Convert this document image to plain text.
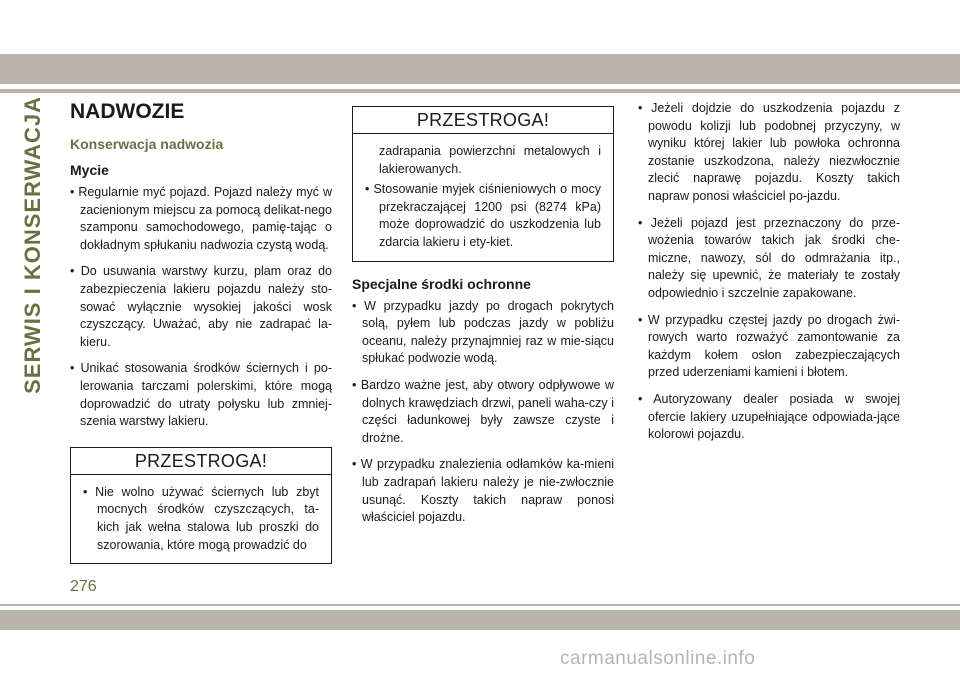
SERWIS I KONSERWACJA NADWOZIE
Konserwacja nadwozia
Mycie

• Regularnie myć pojazd. Pojazd należy myć w zacienionym miejscu za pomocą delikat-nego szamponu samochodowego, pamię-tając o dokładnym spłukaniu nadwozia czystą wodą.

• Do usuwania warstwy kurzu, plam oraz do zabezpieczenia lakieru pojazdu należy sto-sować wyłącznie wysokiej jakości wosk czyszczący. Uważać, aby nie zadrapać la-kieru.

• Unikać stosowania środków ściernych i po-lerowania tarczami polerskimi, które mogą doprowadzić do utraty połysku lub zmniej-szenia warstwy lakieru.

PRZESTROGA!

• Nie wolno używać ściernych lub zbyt mocnych środków czyszczących, ta-kich jak wełna stalowa lub proszki do szorowania, które mogą prowadzić do

PRZESTROGA!

zadrapania powierzchni metalowych i lakierowanych.

• Stosowanie myjek ciśnieniowych o mocy przekraczającej 1200 psi (8274 kPa) może doprowadzić do uszkodzenia lub zdarcia lakieru i ety-kiet.

Specjalne środki ochronne

• W przypadku jazdy po drogach pokrytych solą, pyłem lub podczas jazdy w pobliżu oceanu, należy przynajmniej raz w mie-siącu spłukać podwozie wodą.

• Bardzo ważne jest, aby otwory odpływowe w dolnych krawędziach drzwi, paneli waha-czy i części ładunkowej były zawsze czyste i drożne.

• W przypadku znalezienia odłamków ka-mieni lub zadrapań lakieru należy je nie-zwłocznie usunąć. Koszty takich napraw ponosi właściciel pojazdu.

• Jeżeli dojdzie do uszkodzenia pojazdu z powodu kolizji lub podobnej przyczyny, w wyniku której lakier lub powłoka ochronna zostanie uszkodzona, należy niezwłocznie zlecić naprawę pojazdu. Koszty takich napraw ponosi właściciel po-jazdu.

• Jeżeli pojazd jest przeznaczony do prze-wożenia towarów takich jak środki che-miczne, nawozy, sól do odmrażania itp., należy się upewnić, że materiały te zostały odpowiednio i szczelnie zapakowane.

• W przypadku częstej jazdy po drogach żwi-rowych warto rozważyć zamontowanie za każdym kołem osłon zabezpieczających przed uderzeniami kamieni i błotem.

• Autoryzowany dealer posiada w swojej ofercie lakiery uzupełniające odpowiada-jące kolorowi pojazdu.

276
carmanualsonline.info
